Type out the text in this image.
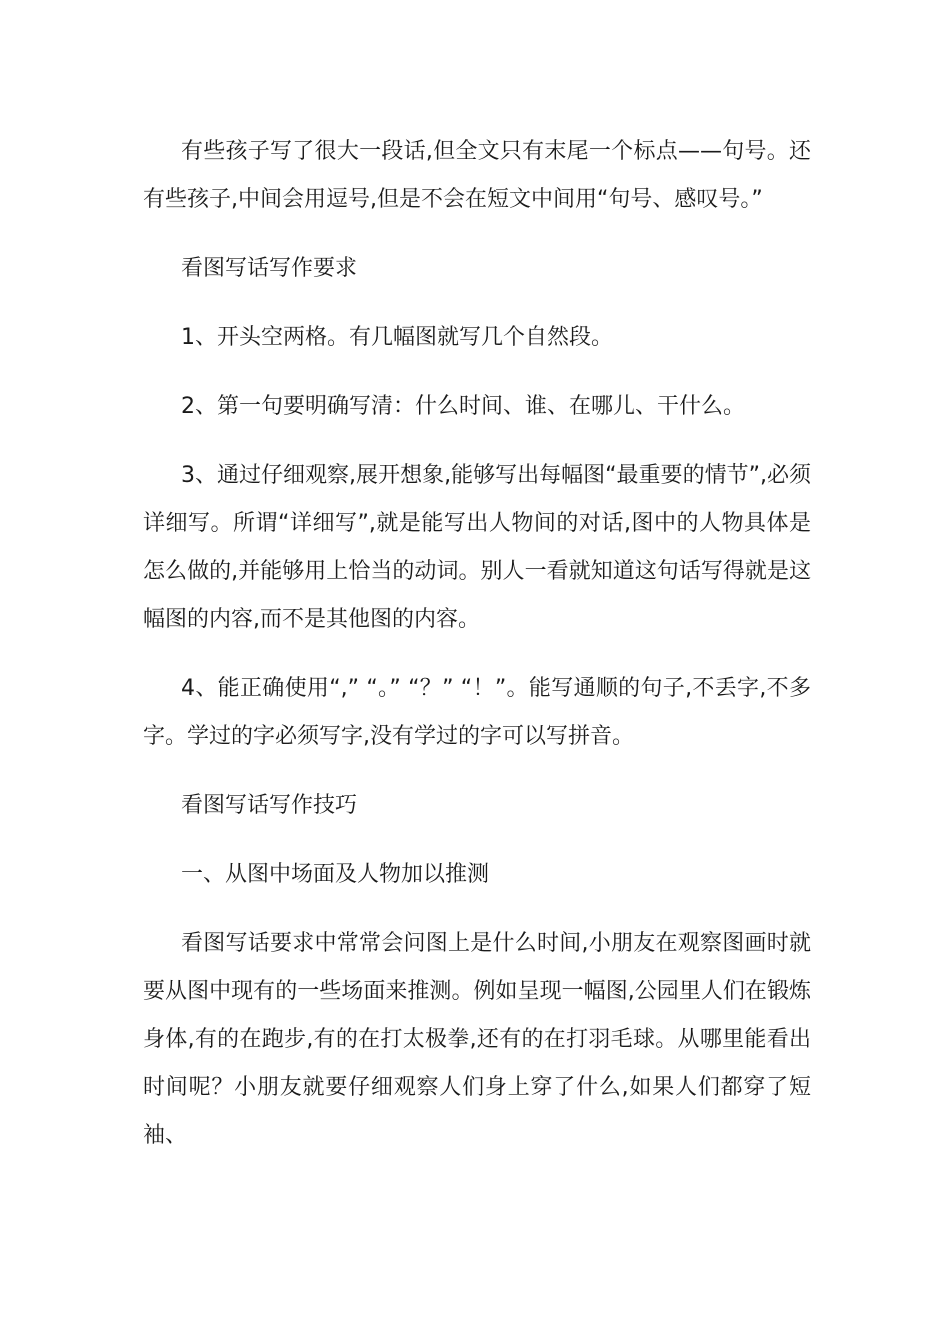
有些孩子写了很大一段话,但全文只有末尾一个标点——句号。还有些孩子,中间会用逗号,但是不会在短文中间用“句号、感叹号。”

看图写话写作要求

1、开头空两格。有几幅图就写几个自然段。

2、第一句要明确写清：什么时间、谁、在哪儿、干什么。

3、通过仔细观察,展开想象,能够写出每幅图“最重要的情节”,必须详细写。所谓“详细写”,就是能写出人物间的对话,图中的人物具体是怎么做的,并能够用上恰当的动词。别人一看就知道这句话写得就是这幅图的内容,而不是其他图的内容。

4、能正确使用“,” “。” “？” “！”。能写通顺的句子,不丢字,不多字。学过的字必须写字,没有学过的字可以写拼音。

看图写话写作技巧

一、从图中场面及人物加以推测

看图写话要求中常常会问图上是什么时间,小朋友在观察图画时就要从图中现有的一些场面来推测。例如呈现一幅图,公园里人们在锻炼身体,有的在跑步,有的在打太极拳,还有的在打羽毛球。从哪里能看出时间呢？小朋友就要仔细观察人们身上穿了什么,如果人们都穿了短袖、
